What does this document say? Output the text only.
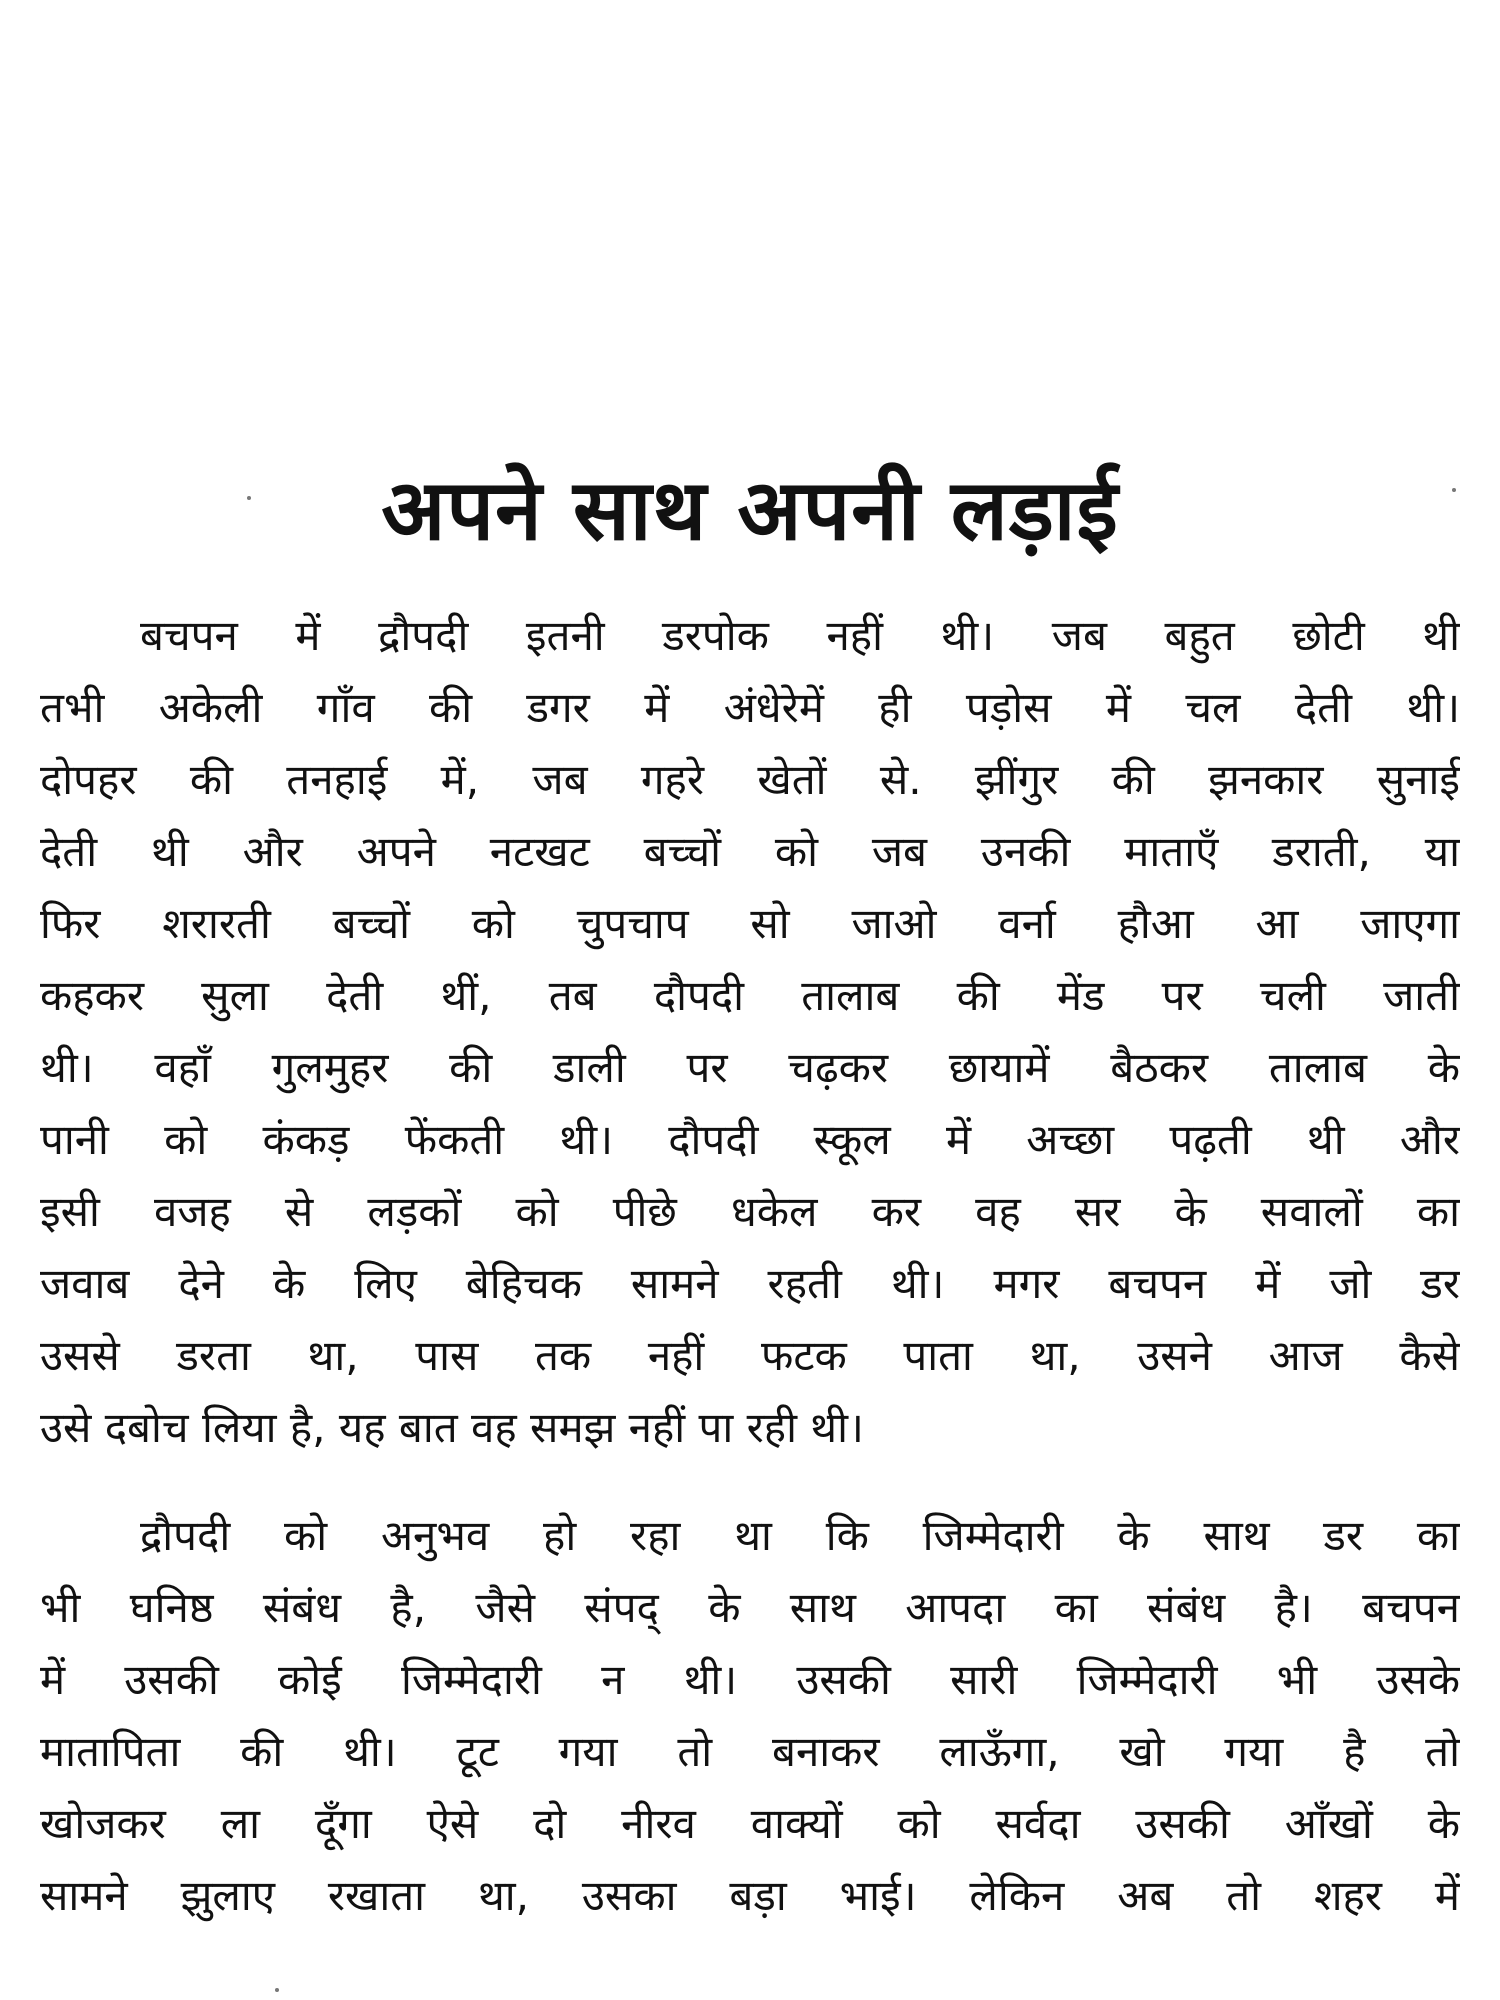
अपने साथ अपनी लड़ाई
बचपन में द्रौपदी इतनी डरपोक नहीं थी। जब बहुत छोटी थी
तभी अकेली गाँव की डगर में अंधेरेमें ही पड़ोस में चल देती थी।
दोपहर की तनहाई में, जब गहरे खेतों से. झींगुर की झनकार सुनाई
देती थी और अपने नटखट बच्चों को जब उनकी माताएँ डराती, या
फिर शरारती बच्चों को चुपचाप सो जाओ वर्ना हौआ आ जाएगा
कहकर सुला देती थीं, तब दौपदी तालाब की मेंड पर चली जाती
थी। वहाँ गुलमुहर की डाली पर चढ़कर छायामें बैठकर तालाब के
पानी को कंकड़ फेंकती थी। दौपदी स्कूल में अच्छा पढ़ती थी और
इसी वजह से लड़कों को पीछे धकेल कर वह सर के सवालों का
जवाब देने के लिए बेहिचक सामने रहती थी। मगर बचपन में जो डर
उससे डरता था, पास तक नहीं फटक पाता था, उसने आज कैसे
उसे दबोच लिया है, यह बात वह समझ नहीं पा रही थी।
द्रौपदी को अनुभव हो रहा था कि जिम्मेदारी के साथ डर का
भी घनिष्ठ संबंध है, जैसे संपद् के साथ आपदा का संबंध है। बचपन
में उसकी कोई जिम्मेदारी न थी। उसकी सारी जिम्मेदारी भी उसके
मातापिता की थी। टूट गया तो बनाकर लाऊँगा, खो गया है तो
खोजकर ला दूँगा ऐसे दो नीरव वाक्यों को सर्वदा उसकी आँखों के
सामने झुलाए रखाता था, उसका बड़ा भाई। लेकिन अब तो शहर में
